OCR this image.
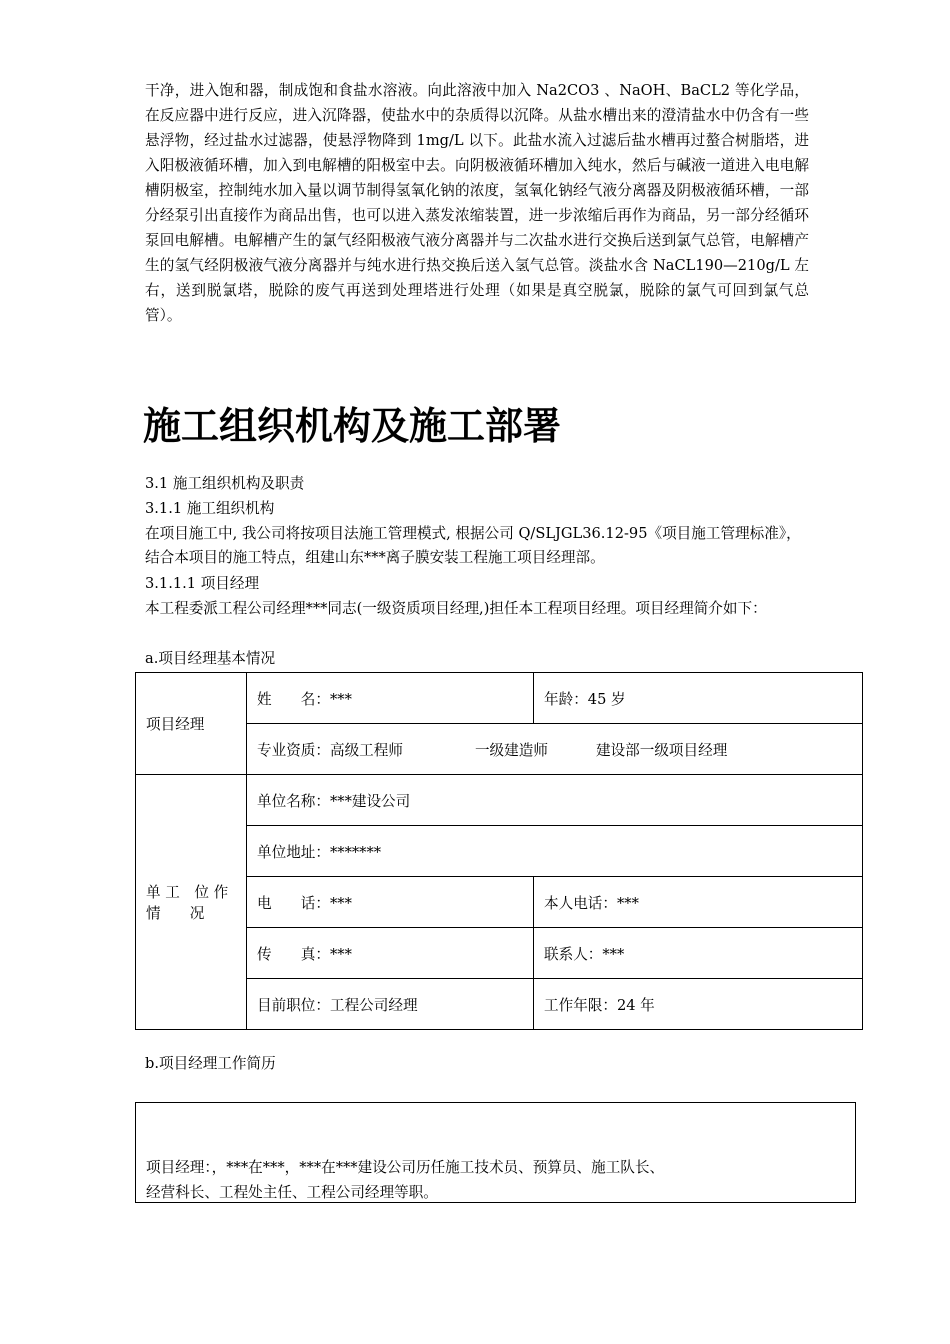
干净，进入饱和器，制成饱和食盐水溶液。向此溶液中加入 Na2CO3 、NaOH、BaCL2 等化学品，在反应器中进行反应，进入沉降器，使盐水中的杂质得以沉降。从盐水槽出来的澄清盐水中仍含有一些悬浮物，经过盐水过滤器，使悬浮物降到 1mg/L 以下。此盐水流入过滤后盐水槽再过螯合树脂塔，进入阳极液循环槽，加入到电解槽的阳极室中去。向阴极液循环槽加入纯水，然后与碱液一道进入电电解槽阴极室，控制纯水加入量以调节制得氢氧化钠的浓度，氢氧化钠经气液分离器及阴极液循环槽，一部分经泵引出直接作为商品出售，也可以进入蒸发浓缩装置，进一步浓缩后再作为商品，另一部分经循环泵回电解槽。电解槽产生的氯气经阳极液气液分离器并与二次盐水进行交换后送到氯气总管，电解槽产生的氢气经阴极液气液分离器并与纯水进行热交换后送入氢气总管。淡盐水含 NaCL190—210g/L 左右，送到脱氯塔，脱除的废气再送到处理塔进行处理（如果是真空脱氯，脱除的氯气可回到氯气总管）。

施工组织机构及施工部署

3.1 施工组织机构及职责

3.1.1 施工组织机构

在项目施工中, 我公司将按项目法施工管理模式, 根据公司 Q/SLJGL36.12-95《项目施工管理标准》，结合本项目的施工特点，组建山东***离子膜安装工程施工项目经理部。

3.1.1.1 项目经理

本工程委派工程公司经理***同志(一级资质项目经理,)担任本工程项目经理。项目经理简介如下：

a.项目经理基本情况

项目经理	姓　　名：***	年龄：45 岁
	专业资质：高级工程师 一级建造师 建设部一级项目经理	

单 工　位 作
情　　况	单位名称：***建设公司	
	单位地址：*******	
	电　　话：***	本人电话：***
	传　　真：***	联系人：***
	目前职位：工程公司经理	工作年限：24 年

b.项目经理工作简历

项目经理：，***在***，***在***建设公司历任施工技术员、预算员、施工队长、
经营科长、工程处主任、工程公司经理等职。
